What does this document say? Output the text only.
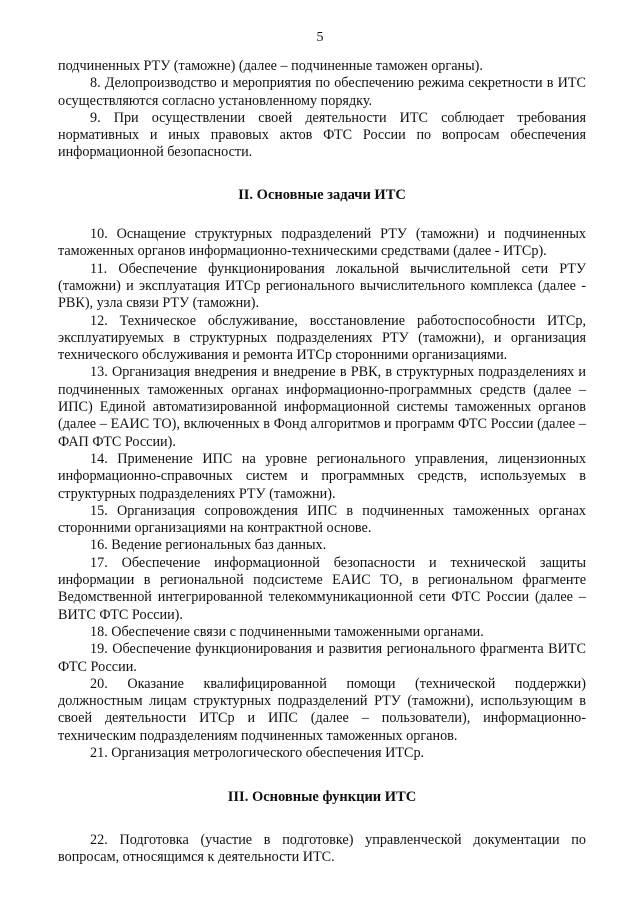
5

подчиненных РТУ (таможне) (далее – подчиненные таможен органы).

8. Делопроизводство и мероприятия по обеспечению режима секретности в ИТС осуществляются согласно установленному порядку.

9. При осуществлении своей деятельности ИТС соблюдает требования нормативных и иных правовых актов ФТС России по вопросам обеспечения информационной безопасности.

II. Основные задачи ИТС

10. Оснащение структурных подразделений РТУ (таможни) и подчиненных таможенных органов информационно-техническими средствами (далее - ИТСр).

11. Обеспечение функционирования локальной вычислительной сети РТУ (таможни) и эксплуатация ИТСр регионального вычислительного комплекса (далее - РВК), узла связи РТУ (таможни).

12. Техническое обслуживание, восстановление работоспособности ИТСр, эксплуатируемых в структурных подразделениях РТУ (таможни), и организация технического обслуживания и ремонта ИТСр сторонними организациями.

13. Организация внедрения и внедрение в РВК, в структурных подразделениях и подчиненных таможенных органах информационно-программных средств (далее – ИПС) Единой автоматизированной информационной системы таможенных органов (далее – ЕАИС ТО), включенных в Фонд алгоритмов и программ ФТС России (далее – ФАП ФТС России).

14. Применение ИПС на уровне регионального управления, лицензионных информационно-справочных систем и программных средств, используемых в структурных подразделениях РТУ (таможни).

15. Организация сопровождения ИПС в подчиненных таможенных органах сторонними организациями на контрактной основе.

16. Ведение региональных баз данных.

17. Обеспечение информационной безопасности и технической защиты информации в региональной подсистеме ЕАИС ТО, в региональном фрагменте Ведомственной интегрированной телекоммуникационной сети ФТС России (далее – ВИТС ФТС России).

18. Обеспечение связи с подчиненными таможенными органами.

19. Обеспечение функционирования и развития регионального фрагмента ВИТС ФТС России.

20. Оказание квалифицированной помощи (технической поддержки) должностным лицам структурных подразделений РТУ (таможни), использующим в своей деятельности ИТСр и ИПС (далее – пользователи), информационно-техническим подразделениям подчиненных таможенных органов.

21. Организация метрологического обеспечения ИТСр.

III. Основные функции ИТС

22. Подготовка (участие в подготовке) управленческой документации по вопросам, относящимся к деятельности ИТС.
